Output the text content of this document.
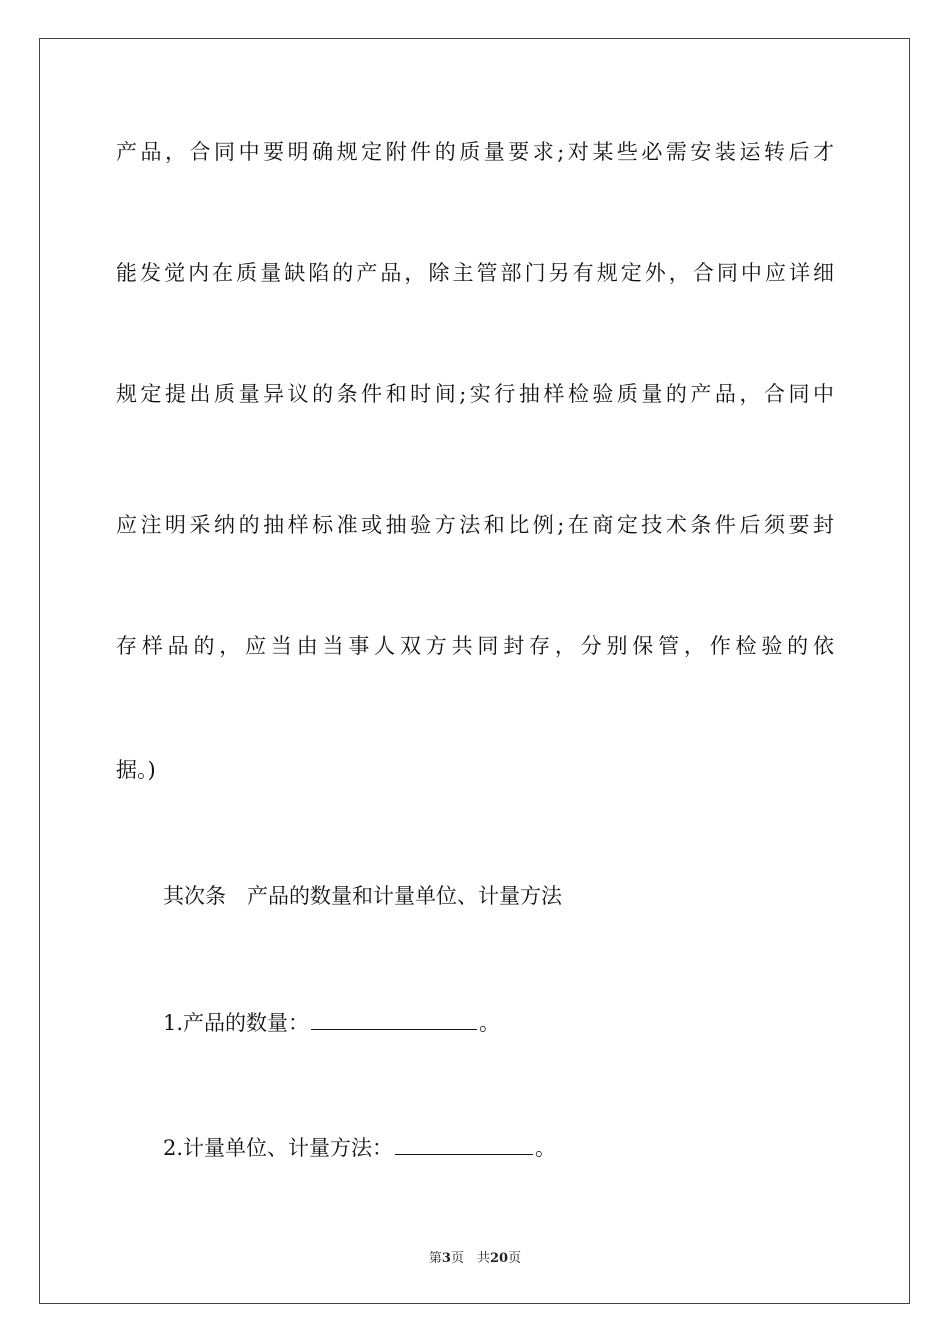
产品，合同中要明确规定附件的质量要求;对某些必需安装运转后才
能发觉内在质量缺陷的产品，除主管部门另有规定外，合同中应详细
规定提出质量异议的条件和时间;实行抽样检验质量的产品，合同中
应注明采纳的抽样标准或抽验方法和比例;在商定技术条件后须要封
存样品的，应当由当事人双方共同封存，分别保管，作检验的依
据。)
其次条　产品的数量和计量单位、计量方法
1.产品的数量：	。
2.计量单位、计量方法：	。
第3页　共20页
